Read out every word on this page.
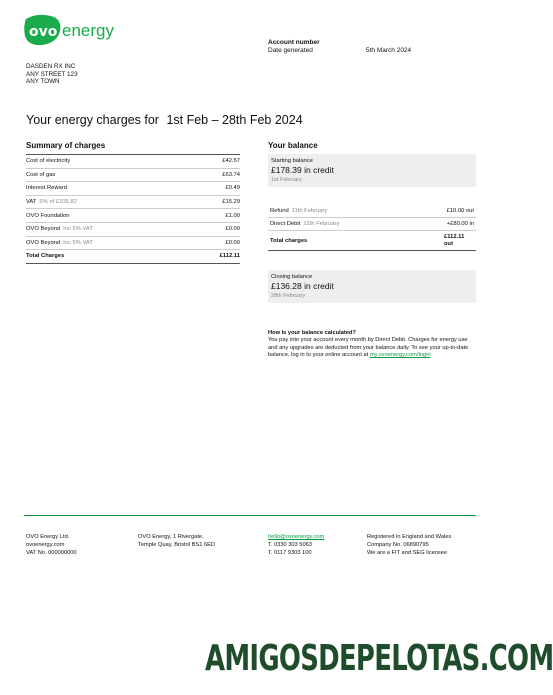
ovo energy
Account number
Date generated	5th March 2024
DASDEN RX INC
ANY STREET 123
ANY TOWN
Your energy charges for 1st Feb – 28th Feb 2024
Summary of charges
Cost of electricity	£42.57
Cost of gas	£63.74
Interest Reward	£0.49
VAT 5% of £105.82	£15.29
OVO Foundation	£1.00
OVO Beyond Inc 5% VAT	£0.00
OVO Beyond Inc 5% VAT	£0.00
Total Charges	£112.11
Your balance
Starting balance
£178.39 in credit
1st February
Refund 11th February	£10.00 out
Direct Debit 12th February	+£80.00 in
Total charges
£112.11 out
Closing balance
£136.28 in credit
28th February
How Is your balance calculated?
You pay into your account every month by Direct Debit. Charges for energy use and any upgrades are deducted from your balance daily. To see your up-to-date balance, log in to your online account at my.ovoenergy.com/login
OVO Energy Ltd.
ovoenergy.com
VAT No. 000000000
OVO Energy, 1 Rivergate,
Temple Quay, Bristol BS1 6ED
hello@ovoenergy.com
T. 0330 303 5063
T. 0117 9303 100
Registered in England and Wales
Company No. 06890795
We are a FIT and SEG licensee
AMIGOSDEPELOTAS.COM
